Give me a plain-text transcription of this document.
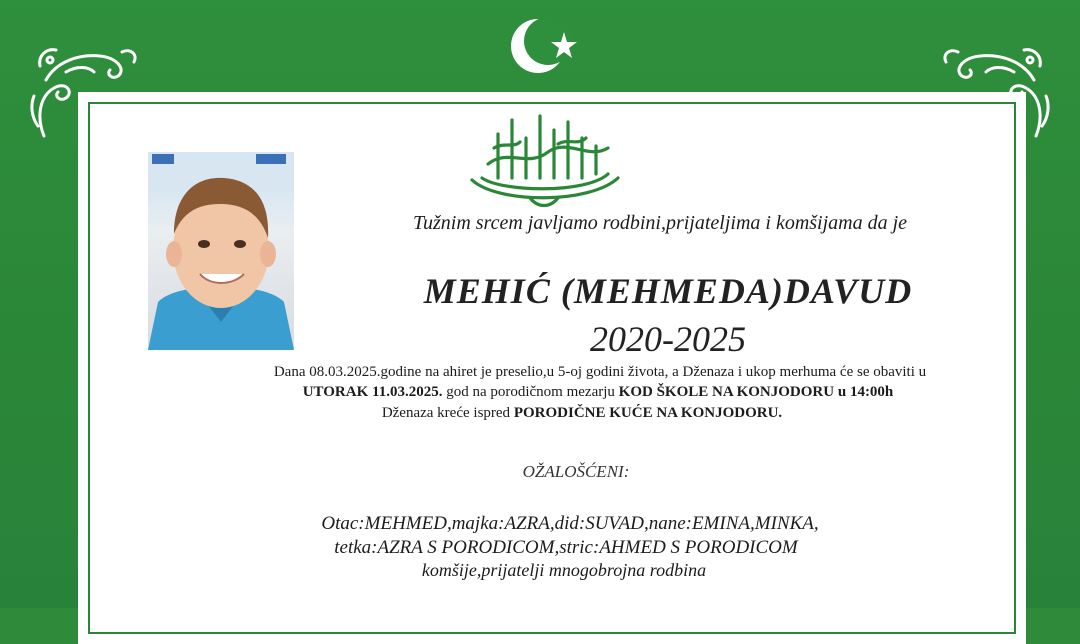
Tužnim srcem javljamo rodbini,prijateljima i komšijama da je
MEHIĆ (MEHMEDA)DAVUD
2020-2025
Dana 08.03.2025.godine na ahiret je preselio,u 5-oj godini života, a Dženaza i ukop merhuma će se obaviti u
UTORAK 11.03.2025. god na porodičnom mezarju KOD ŠKOLE NA KONJODORU u 14:00h
Dženaza kreće ispred PORODIČNE KUĆE NA KONJODORU.
OŽALOŠĆENI:
Otac:MEHMED,majka:AZRA,did:SUVAD,nane:EMINA,MINKA,
tetka:AZRA S PORODICOM,stric:AHMED S PORODICOM
komšije,prijatelji mnogobrojna rodbina
